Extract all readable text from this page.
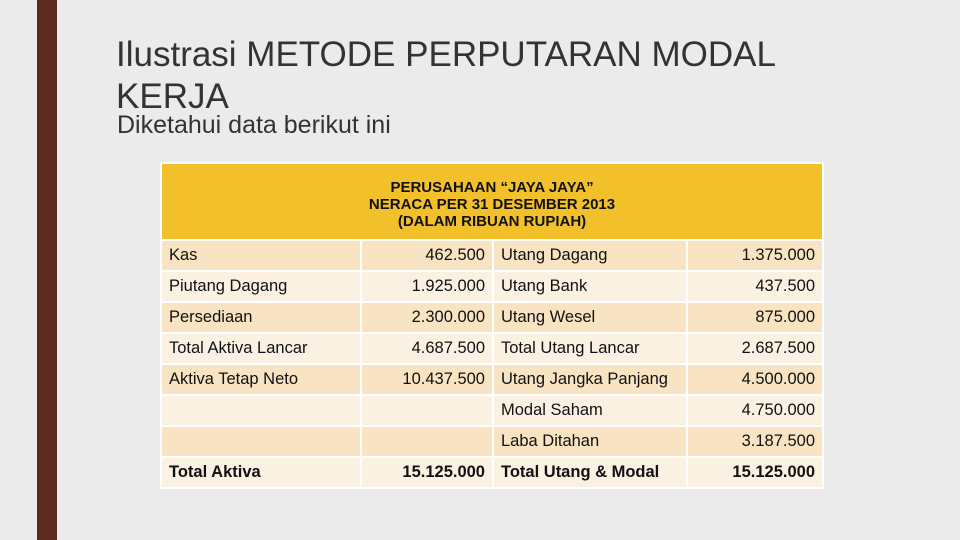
Ilustrasi METODE PERPUTARAN MODAL KERJA
Diketahui data berikut ini
PERUSAHAAN “JAYA JAYA”
NERACA PER 31 DESEMBER 2013
(DALAM RIBUAN RUPIAH)			

Kas	462.500	Utang Dagang	1.375.000
Piutang Dagang	1.925.000	Utang Bank	437.500
Persediaan	2.300.000	Utang Wesel	875.000
Total Aktiva Lancar	4.687.500	Total Utang Lancar	2.687.500
Aktiva Tetap Neto	10.437.500	Utang Jangka Panjang	4.500.000
		Modal Saham	4.750.000
		Laba Ditahan	3.187.500
Total Aktiva	15.125.000	Total Utang & Modal	15.125.000
